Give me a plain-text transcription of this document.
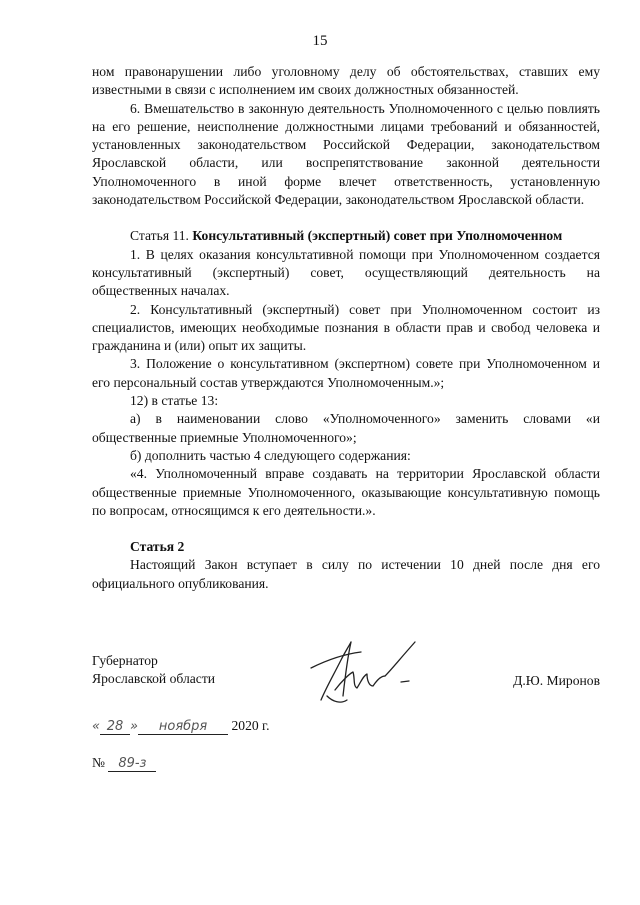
15

ном правонарушении либо уголовному делу об обстоятельствах, ставших ему известными в связи с исполнением им своих должностных обязанностей.

6. Вмешательство в законную деятельность Уполномоченного с целью повлиять на его решение, неисполнение должностными лицами требований и обязанностей, установленных законодательством Российской Федерации, законодательством Ярославской области, или воспрепятствование законной деятельности Уполномоченного в иной форме влечет ответственность, установленную законодательством Российской Федерации, законодательством Ярославской области.

Статья 11. Консультативный (экспертный) совет при Уполномоченном

1. В целях оказания консультативной помощи при Уполномоченном создается консультативный (экспертный) совет, осуществляющий деятельность на общественных началах.

2. Консультативный (экспертный) совет при Уполномоченном состоит из специалистов, имеющих необходимые познания в области прав и свобод человека и гражданина и (или) опыт их защиты.

3. Положение о консультативном (экспертном) совете при Уполномоченном и его персональный состав утверждаются Уполномоченным.»;

12) в статье 13:

а) в наименовании слово «Уполномоченного» заменить словами «и общественные приемные Уполномоченного»;

б) дополнить частью 4 следующего содержания:

«4. Уполномоченный вправе создавать на территории Ярославской области общественные приемные Уполномоченного, оказывающие консультативную помощь по вопросам, относящимся к его деятельности.».

Статья 2

Настоящий Закон вступает в силу по истечении 10 дней после дня его официального опубликования.

Губернатор
Ярославской области	Д.Ю. Миронов
« 28 » ноября 2020 г.
№ 89-з
